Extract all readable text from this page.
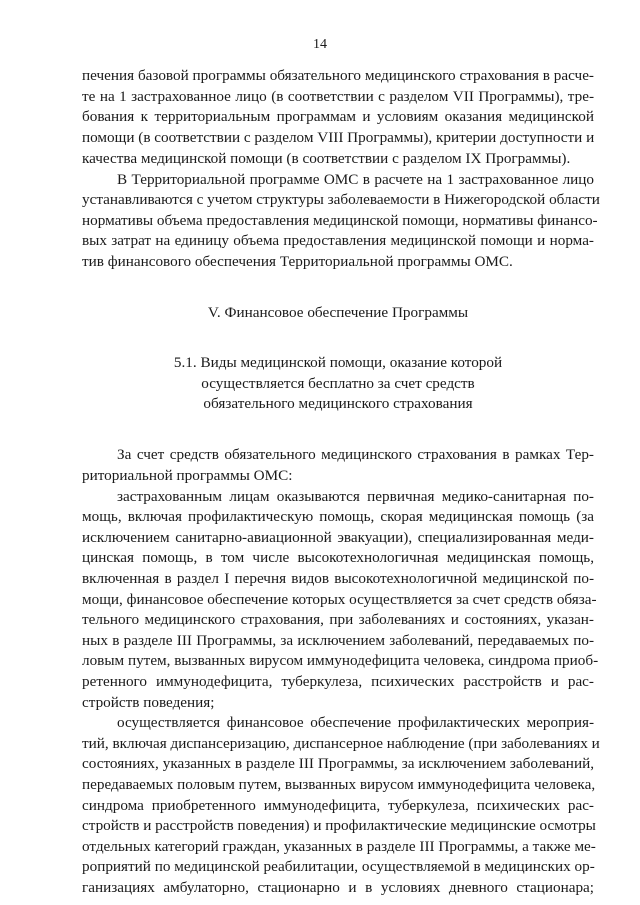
14
печения базовой программы обязательного медицинского страхования в расче-
те на 1 застрахованное лицо (в соответствии с разделом VII Программы), тре-
бования к территориальным программам и условиям оказания медицинской
помощи (в соответствии с разделом VIII Программы), критерии доступности и
качества медицинской помощи (в соответствии с разделом IX Программы).
В Территориальной программе ОМС в расчете на 1 застрахованное лицо
устанавливаются с учетом структуры заболеваемости в Нижегородской области
нормативы объема предоставления медицинской помощи, нормативы финансо-
вых затрат на единицу объема предоставления медицинской помощи и норма-
тив финансового обеспечения Территориальной программы ОМС.
V. Финансовое обеспечение Программы
5.1. Виды медицинской помощи, оказание которой
осуществляется бесплатно за счет средств
обязательного медицинского страхования
За счет средств обязательного медицинского страхования в рамках Тер-
риториальной программы ОМС:
застрахованным лицам оказываются первичная медико-санитарная по-
мощь, включая профилактическую помощь, скорая медицинская помощь (за
исключением санитарно-авиационной эвакуации), специализированная меди-
цинская помощь, в том числе высокотехнологичная медицинская помощь,
включенная в раздел I перечня видов высокотехнологичной медицинской по-
мощи, финансовое обеспечение которых осуществляется за счет средств обяза-
тельного медицинского страхования, при заболеваниях и состояниях, указан-
ных в разделе III Программы, за исключением заболеваний, передаваемых по-
ловым путем, вызванных вирусом иммунодефицита человека, синдрома приоб-
ретенного иммунодефицита, туберкулеза, психических расстройств и рас-
стройств поведения;
осуществляется финансовое обеспечение профилактических мероприя-
тий, включая диспансеризацию, диспансерное наблюдение (при заболеваниях и
состояниях, указанных в разделе III Программы, за исключением заболеваний,
передаваемых половым путем, вызванных вирусом иммунодефицита человека,
синдрома приобретенного иммунодефицита, туберкулеза, психических рас-
стройств и расстройств поведения) и профилактические медицинские осмотры
отдельных категорий граждан, указанных в разделе III Программы, а также ме-
роприятий по медицинской реабилитации, осуществляемой в медицинских ор-
ганизациях амбулаторно, стационарно и в условиях дневного стационара;
